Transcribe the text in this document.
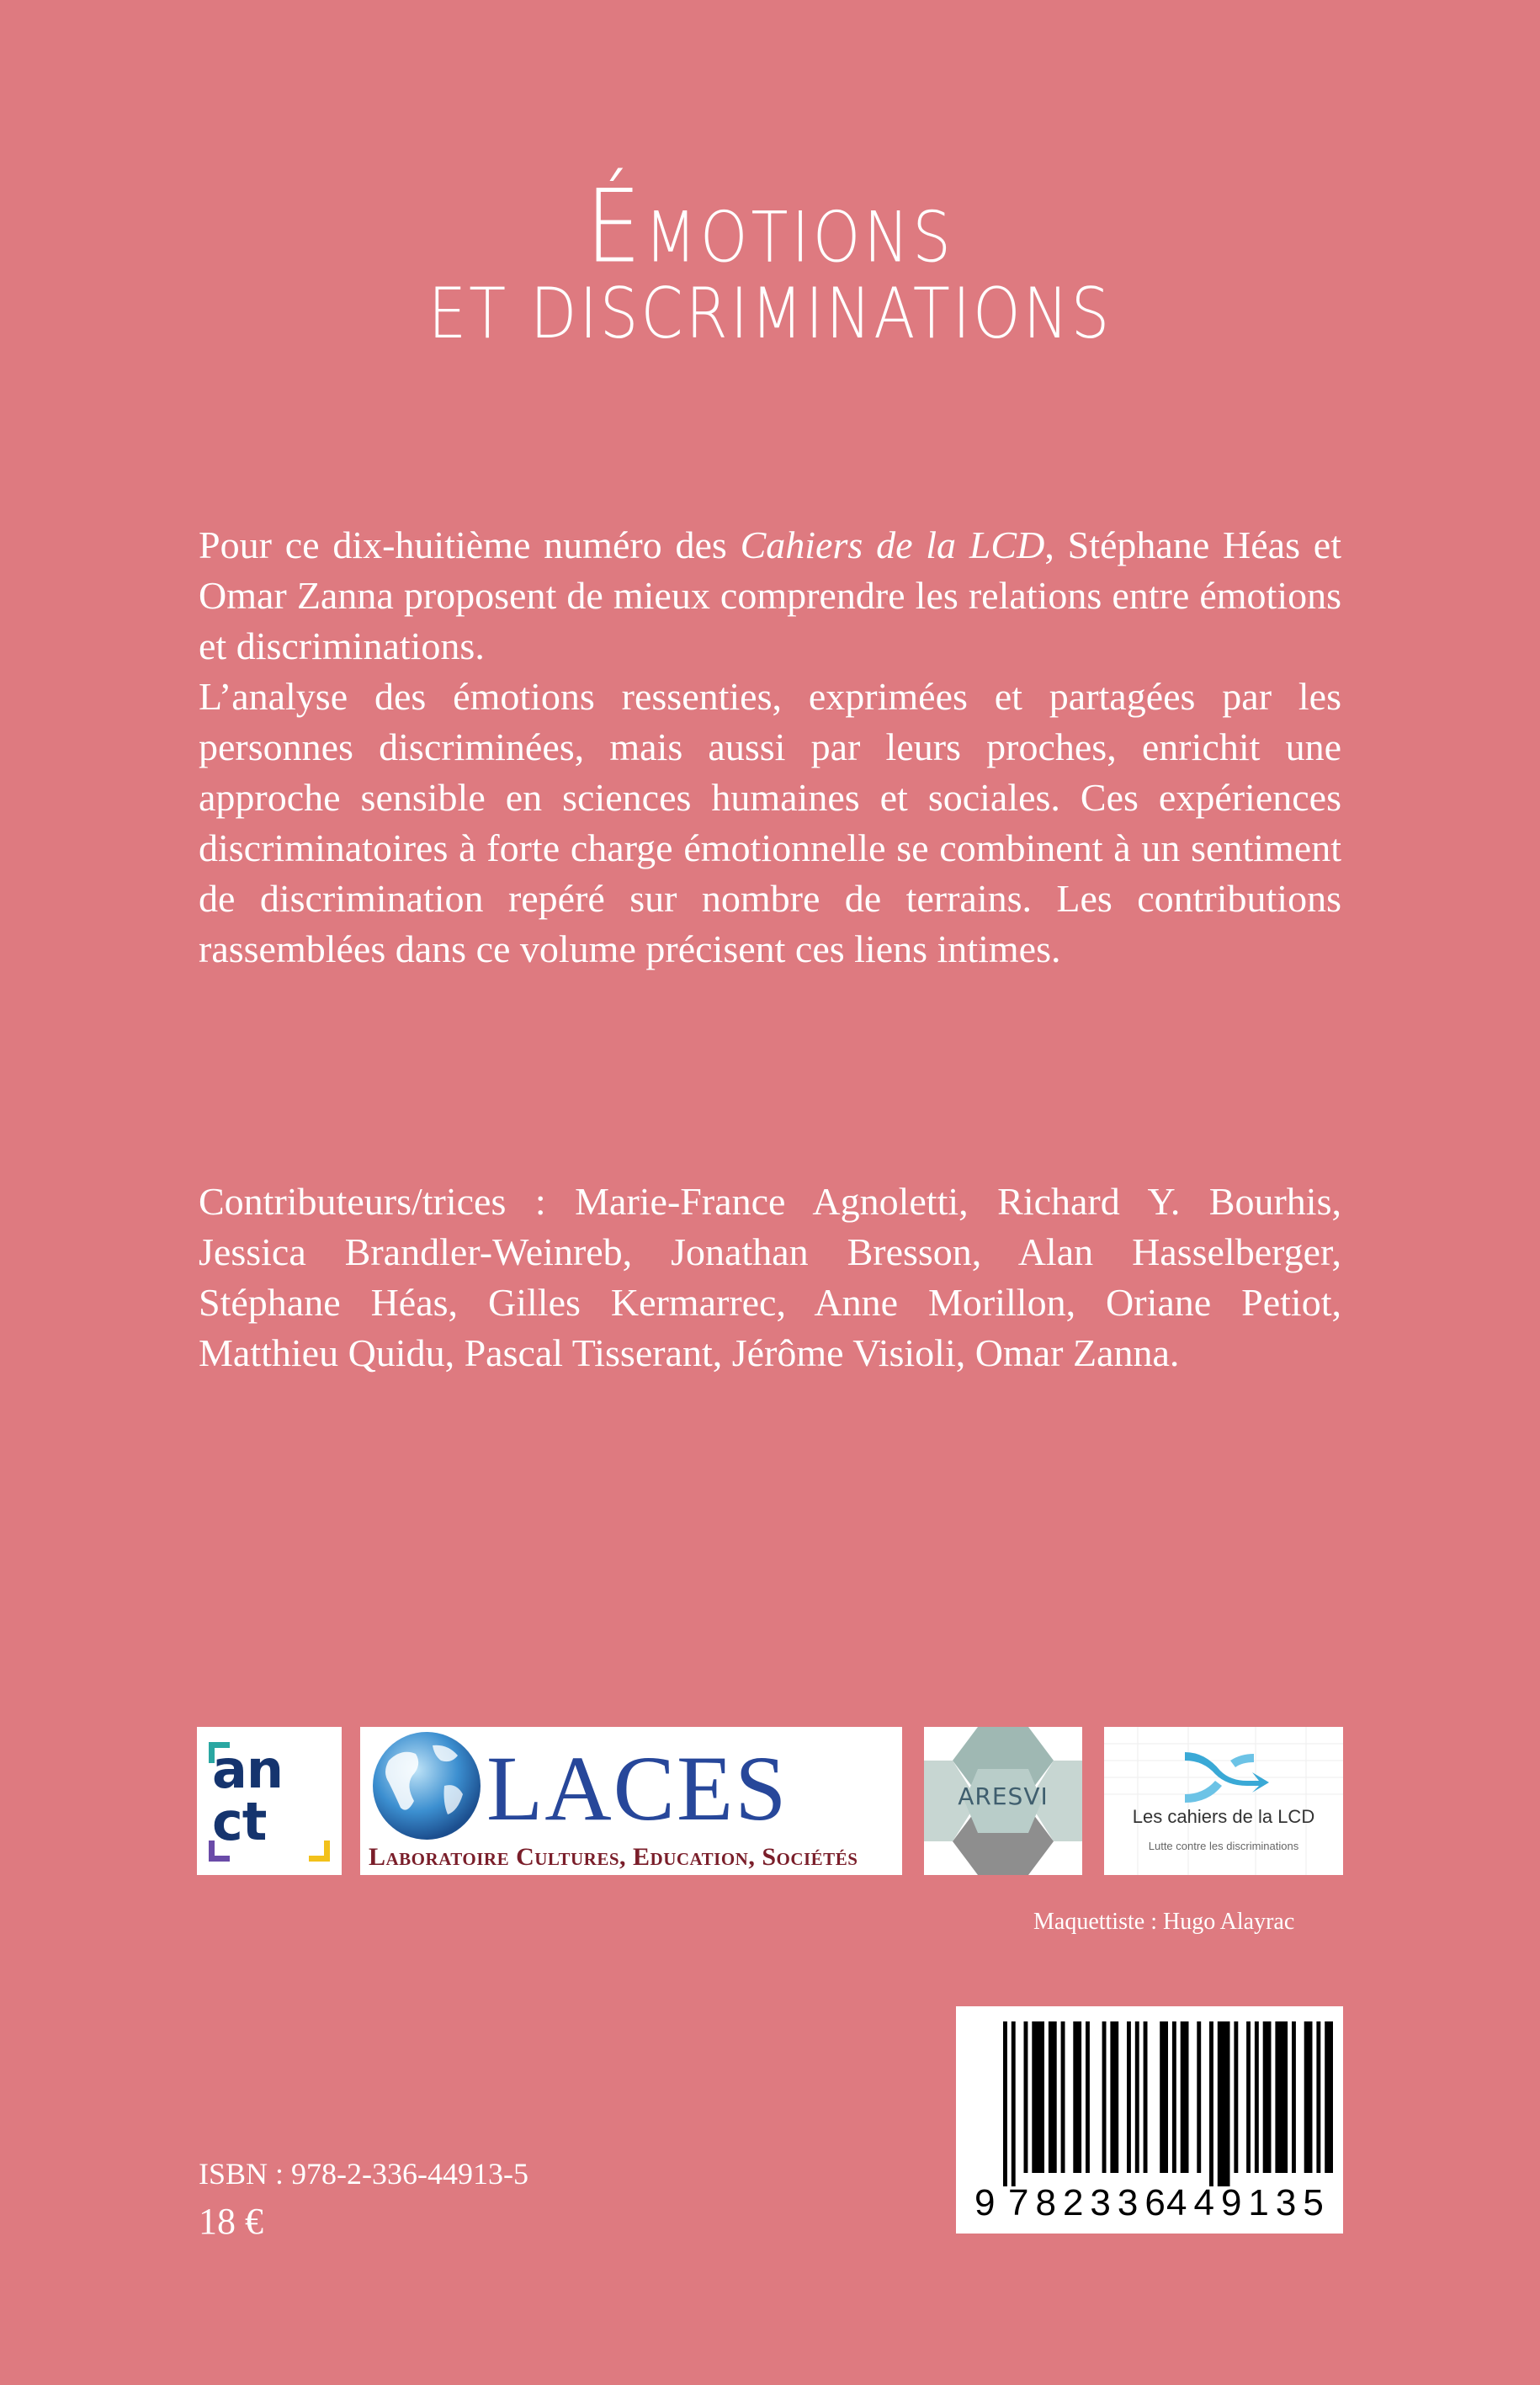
ÉMOTIONS
ET DISCRIMINATIONS

Pour ce dix-huitième numéro des Cahiers de la LCD, Stéphane Héas et Omar Zanna proposent de mieux comprendre les relations entre émotions et discriminations.

L’analyse des émotions ressenties, exprimées et partagées par les personnes discriminées, mais aussi par leurs proches, enrichit une approche sensible en sciences humaines et sociales. Ces expériences discriminatoires à forte charge émotionnelle se combinent à un sentiment de discrimination repéré sur nombre de terrains. Les contributions rassemblées dans ce volume précisent ces liens intimes.

Contributeurs/trices : Marie-France Agnoletti, Richard Y. Bourhis, Jessica Brandler-Weinreb, Jonathan Bresson, Alan Hasselberger, Stéphane Héas, Gilles Kermarrec, Anne Morillon, Oriane Petiot, Matthieu Quidu, Pascal Tisserant, Jérôme Visioli, Omar Zanna.

an
ct	LACES
Laboratoire Cultures, Education, Sociétés
ARESVI
Les cahiers de la LCD
Lutte contre les discriminations
Maquettiste : Hugo Alayrac
9 782336
449135
ISBN : 978-2-336-44913-5
18 €
